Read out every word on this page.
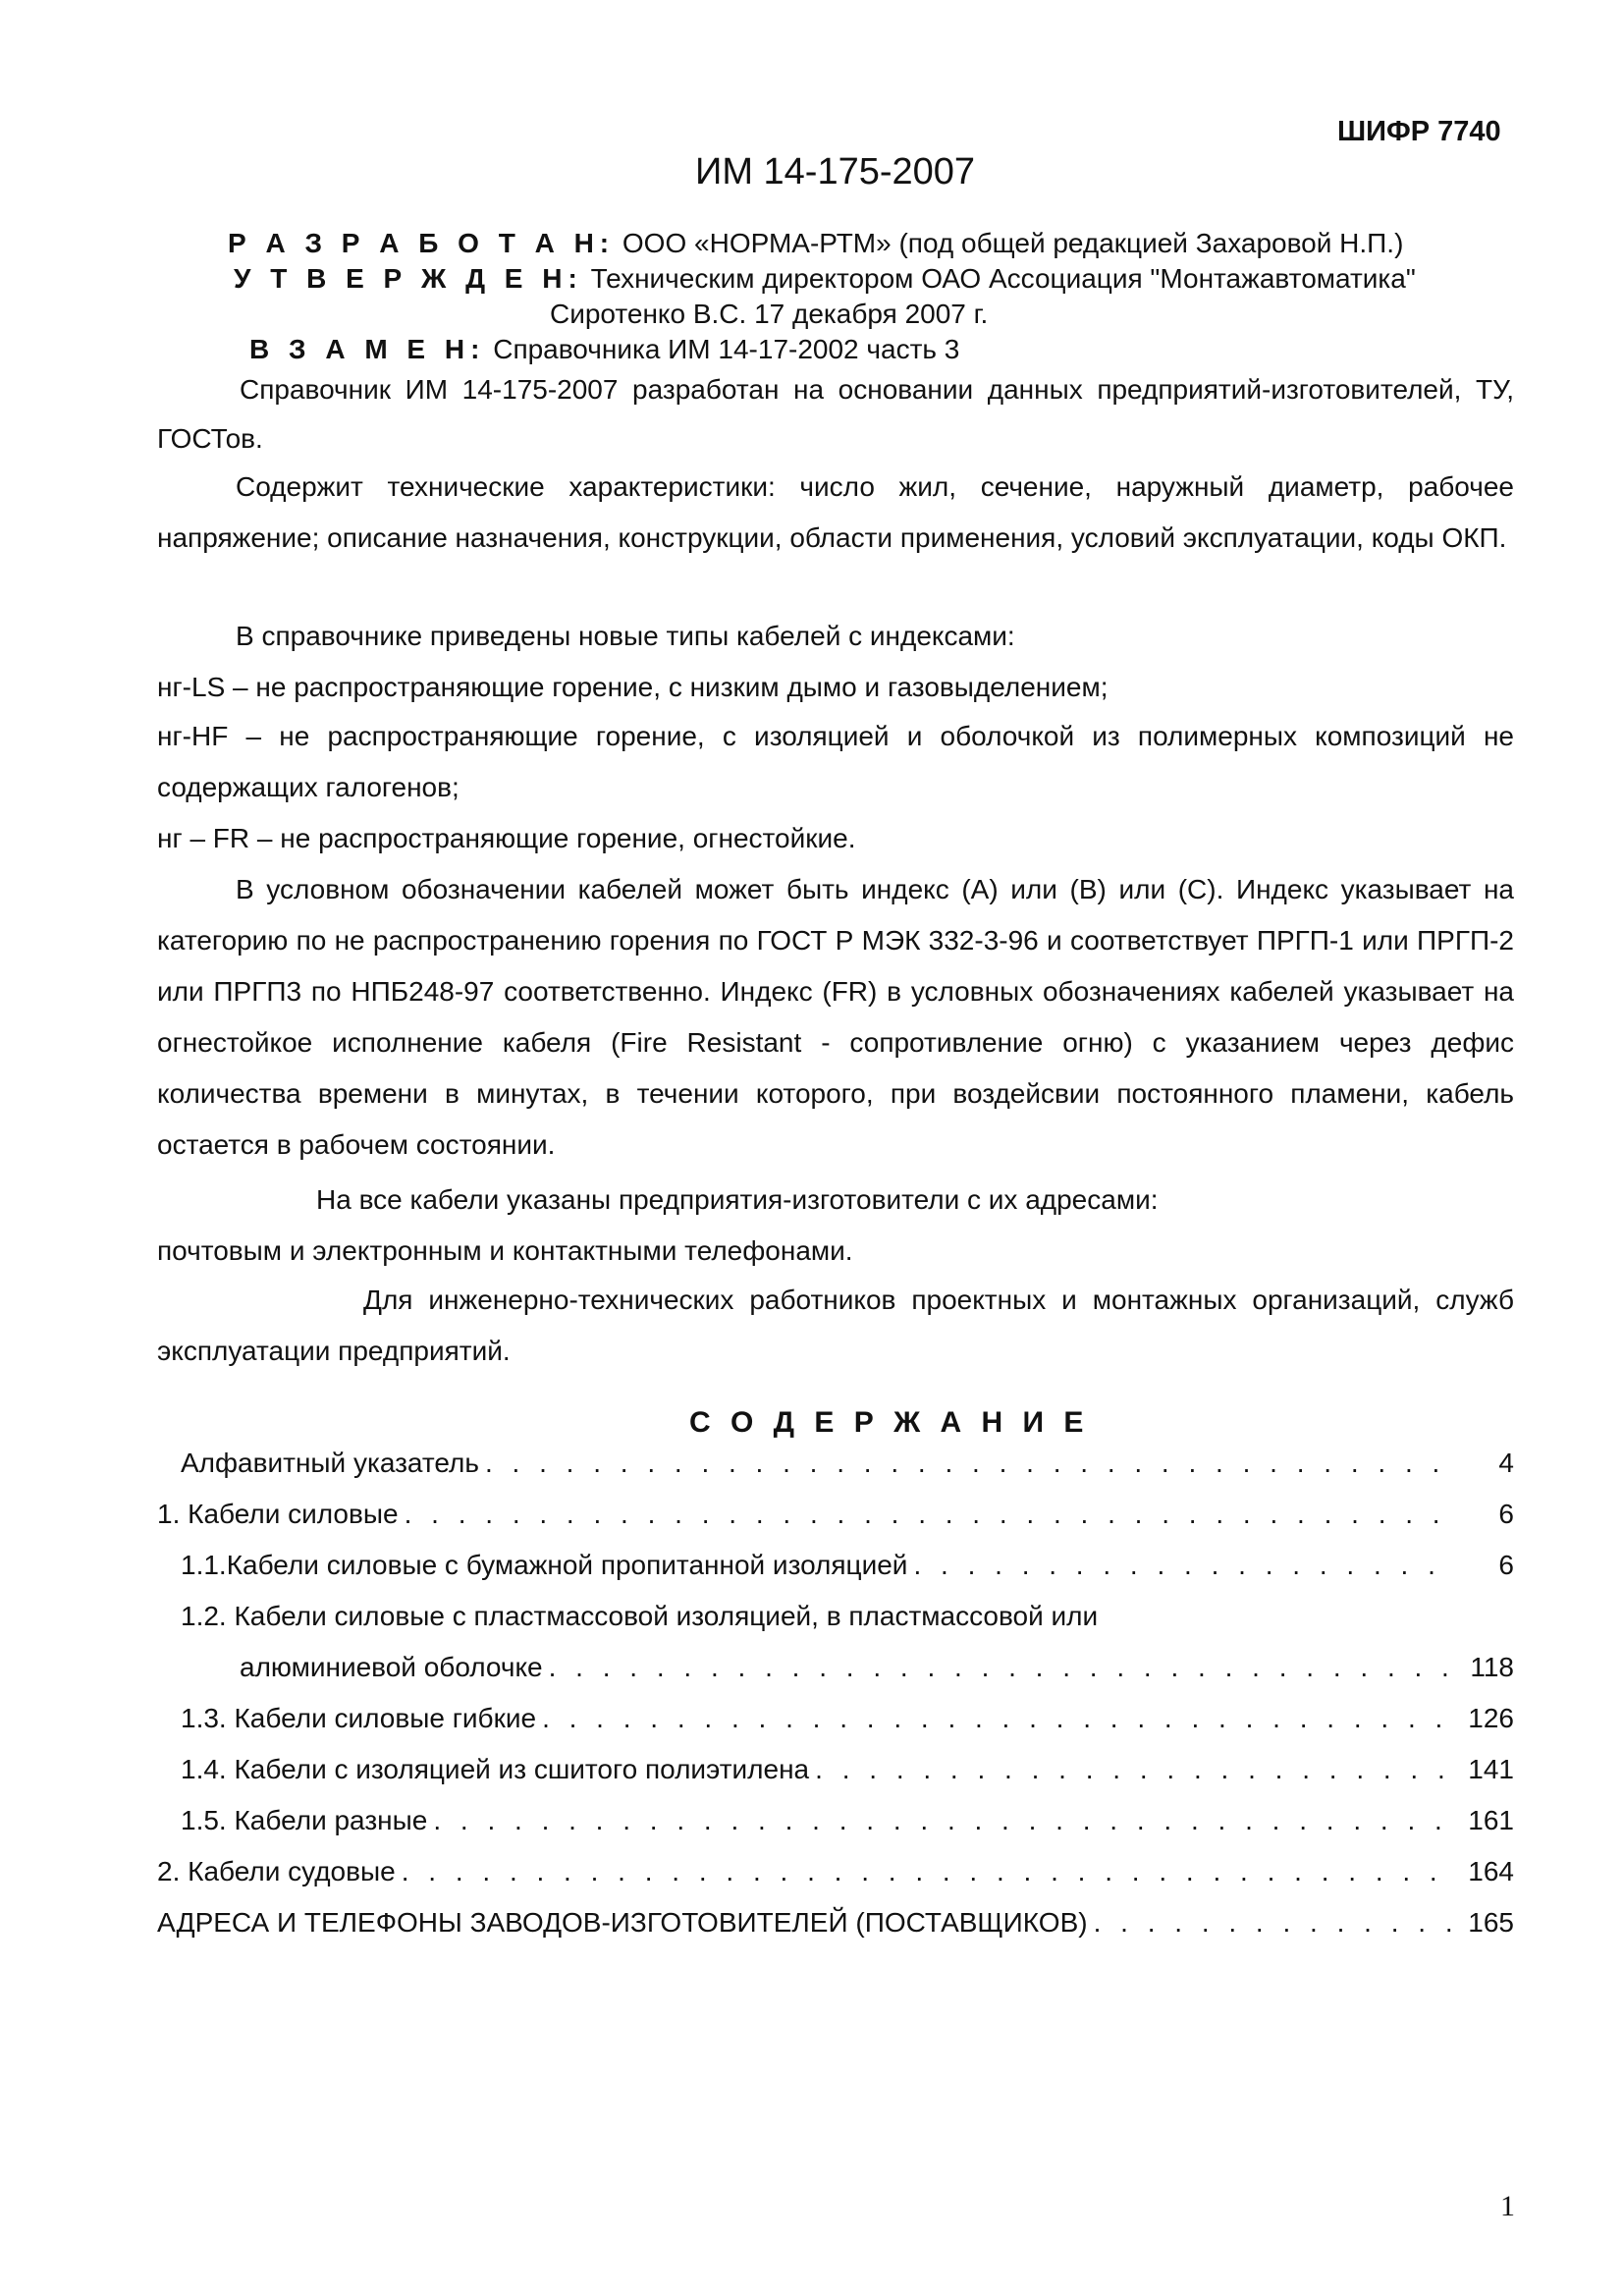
ШИФР 7740
ИМ 14-175-2007
Р А З Р А Б О Т А Н: ООО «НОРМА-РТМ» (под общей редакцией Захаровой Н.П.)
У Т В Е Р Ж Д Е Н: Техническим директором ОАО Ассоциация "Монтажавтоматика"
Сиротенко В.С. 17 декабря 2007 г.
В З А М Е Н: Справочника ИМ 14-17-2002 часть 3
Справочник ИМ 14-175-2007 разработан на основании данных предприятий-изготовителей, ТУ, ГОСТов.
Содержит технические характеристики: число жил, сечение, наружный диаметр, рабочее напряжение; описание назначения, конструкции, области применения, условий эксплуатации, коды ОКП.
В справочнике приведены новые типы кабелей с индексами:
нг-LS – не распространяющие горение, с низким дымо и газовыделением;
нг-HF – не распространяющие горение, с изоляцией и оболочкой из полимерных композиций не содержащих галогенов;
нг – FR – не распространяющие горение, огнестойкие.
В условном обозначении кабелей может быть индекс (А) или (В) или (С). Индекс указывает на категорию по не распространению горения по ГОСТ Р МЭК 332-3-96 и соответствует ПРГП-1 или ПРГП-2 или ПРГП3 по НПБ248-97 соответственно. Индекс (FR) в условных обозначениях кабелей указывает на огнестойкое исполнение кабеля (Fire Resistant - сопротивление огню) с указанием через дефис количества времени в минутах, в течении которого, при воздейсвии постоянного пламени, кабель остается в рабочем состоянии.
На все кабели указаны предприятия-изготовители с их адресами:
почтовым и электронным и контактными телефонами.
Для инженерно-технических работников проектных и монтажных организаций, служб эксплуатации предприятий.
С О Д Е Р Ж А Н И Е
Алфавитный указатель . . .	4
1. Кабели силовые . . .	6
1.1.Кабели силовые с бумажной пропитанной изоляцией . . .	6
1.2. Кабели силовые с пластмассовой изоляцией, в пластмассовой или
алюминиевой оболочке . . .	118
1.3. Кабели силовые гибкие . . .	126
1.4. Кабели с изоляцией из сшитого полиэтилена . . .	141
1.5. Кабели разные . . .	161
2. Кабели судовые . . .	164
АДРЕСА И ТЕЛЕФОНЫ ЗАВОДОВ-ИЗГОТОВИТЕЛЕЙ (ПОСТАВЩИКОВ) . . .	165
1
